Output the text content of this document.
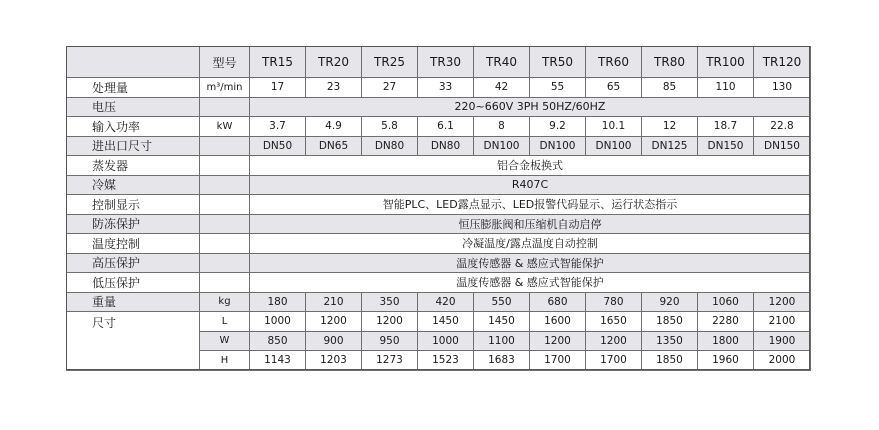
	型号	TR15	TR20	TR25	TR30	TR40	TR50	TR60	TR80	TR100	TR120
处理量	m³/min	17	23	27	33	42	55	65	85	110	130
电压		220~660V 3PH 50HZ/60HZ									
输入功率	kW	3.7	4.9	5.8	6.1	8	9.2	10.1	12	18.7	22.8
进出口尺寸		DN50	DN65	DN80	DN80	DN100	DN100	DN100	DN125	DN150	DN150
蒸发器		铝合金板换式									
冷媒		R407C									
控制显示		智能PLC、LED露点显示、LED报警代码显示、运行状态指示									
防冻保护		恒压膨胀阀和压缩机自动启停									
温度控制		冷凝温度/露点温度自动控制									
高压保护		温度传感器 & 感应式智能保护									
低压保护		温度传感器 & 感应式智能保护									
重量	kg	180	210	350	420	550	680	780	920	1060	1200
尺寸	L	1000	1200	1200	1450	1450	1600	1650	1850	2280	2100
	W	850	900	950	1000	1100	1200	1200	1350	1800	1900
	H	1143	1203	1273	1523	1683	1700	1700	1850	1960	2000
